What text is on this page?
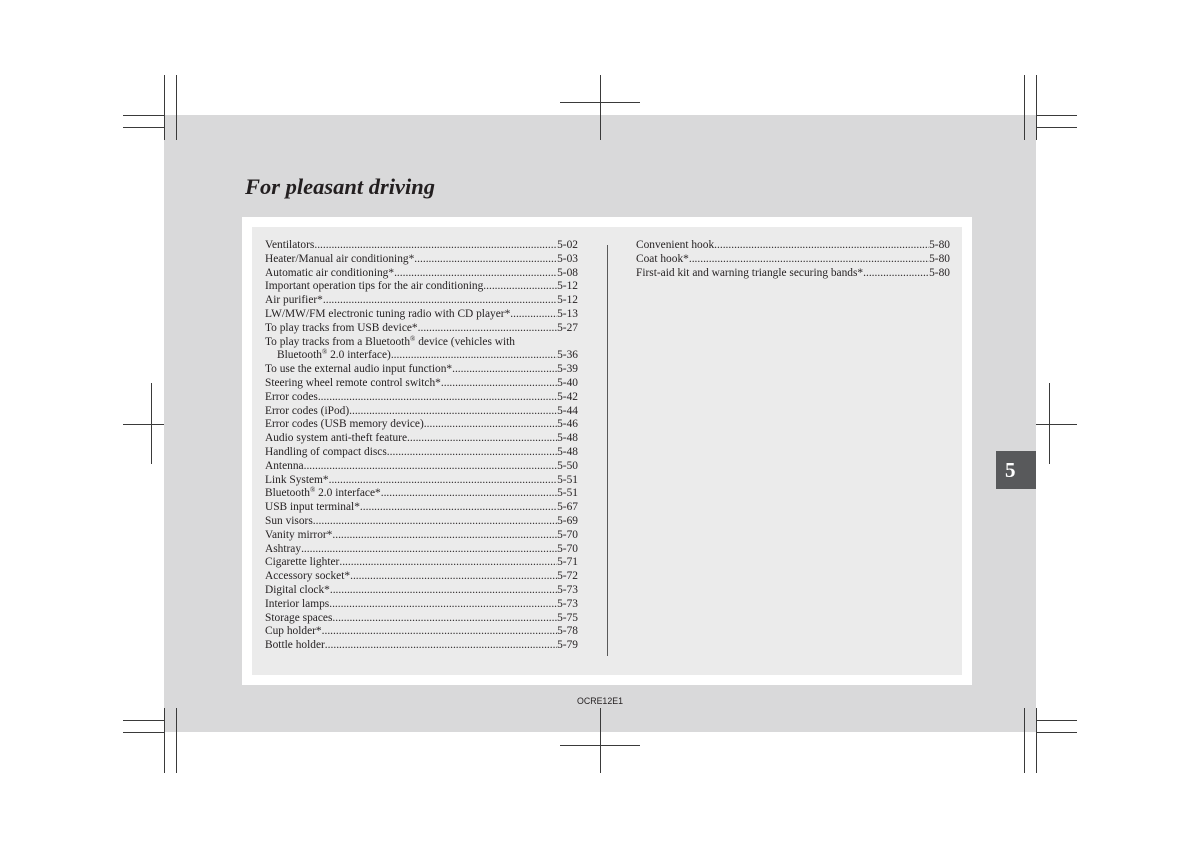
For pleasant driving
Ventilators .....	5-02
Heater/Manual air conditioning* .....	5-03
Automatic air conditioning* .....	5-08
Important operation tips for the air conditioning .....	5-12
Air purifier* .....	5-12
LW/MW/FM electronic tuning radio with CD player* .....	5-13
To play tracks from USB device* .....	5-27
To play tracks from a Bluetooth® device (vehicles with
Bluetooth® 2.0 interface) .....	5-36
To use the external audio input function* .....	5-39
Steering wheel remote control switch* .....	5-40
Error codes .....	5-42
Error codes (iPod) .....	5-44
Error codes (USB memory device) .....	5-46
Audio system anti-theft feature .....	5-48
Handling of compact discs .....	5-48
Antenna .....	5-50
Link System* .....	5-51
Bluetooth® 2.0 interface* .....	5-51
USB input terminal* .....	5-67
Sun visors .....	5-69
Vanity mirror* .....	5-70
Ashtray .....	5-70
Cigarette lighter .....	5-71
Accessory socket* .....	5-72
Digital clock* .....	5-73
Interior lamps .....	5-73
Storage spaces .....	5-75
Cup holder* .....	5-78
Bottle holder .....	5-79
Convenient hook .....	5-80
Coat hook* .....	5-80
First-aid kit and warning triangle securing bands* .....	5-80
5
OCRE12E1
